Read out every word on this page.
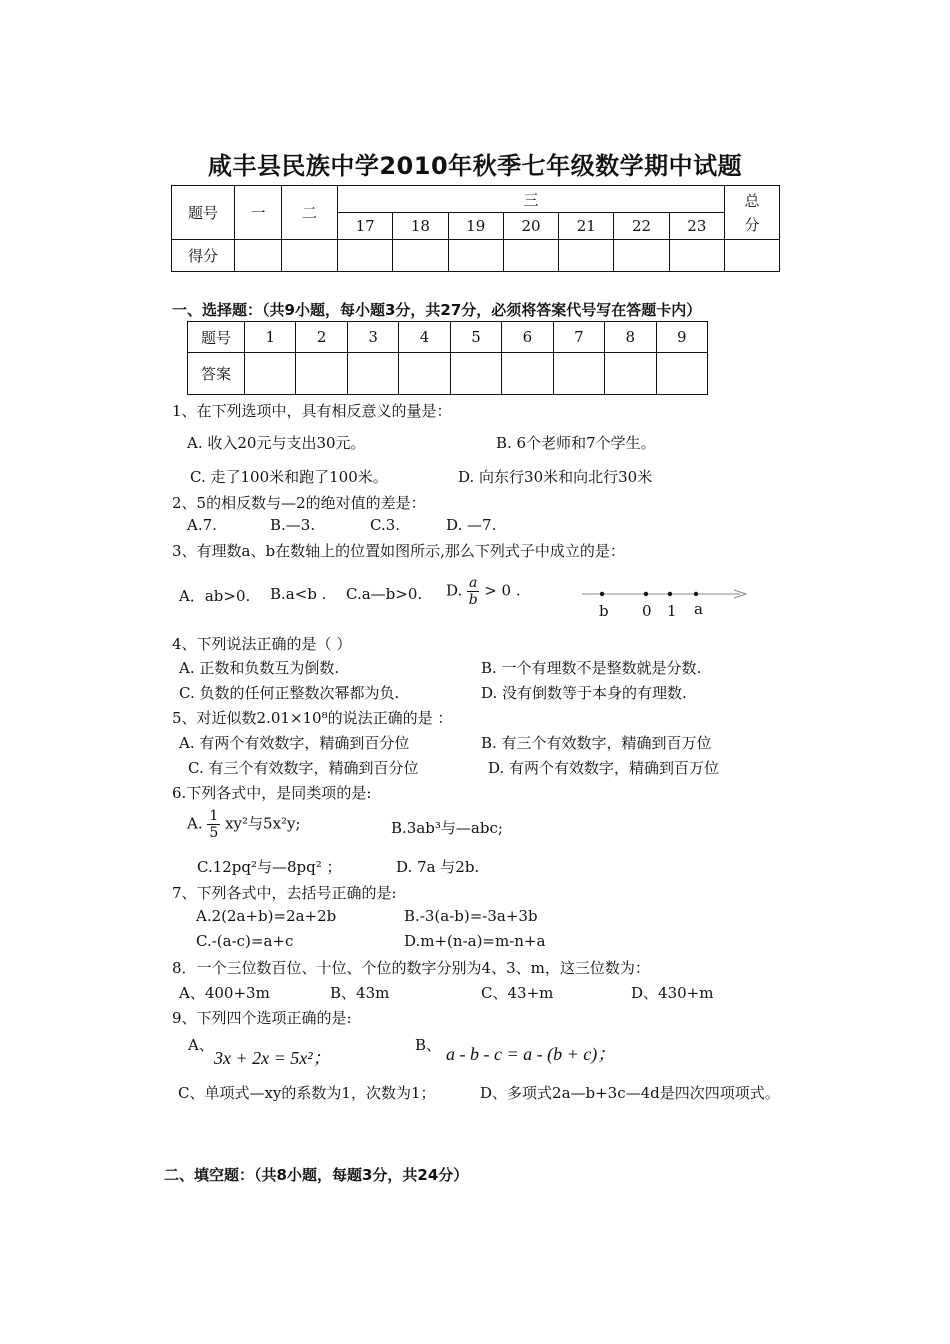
咸丰县民族中学2010年秋季七年级数学期中试题
题号	一	二	三							总
分
			17	18	19	20	21	22	23	
得分										
一、选择题：（共9小题，每小题3分，共27分，必须将答案代号写在答题卡内）
题号	1	2	3	4	5	6	7	8	9
答案									
1、在下列选项中，具有相反意义的量是：
A. 收入20元与支出30元。	B. 6个老师和7个学生。
C. 走了100米和跑了100米。	D. 向东行30米和向北行30米
2、5的相反数与—2的绝对值的差是：
A.7.	B.—3.	C.3.	D. —7.
3、有理数a、b在数轴上的位置如图所示,那么下列式子中成立的是：
A．ab>0. B.a<b . C.a—b>0. D. $\frac{a}{b} > 0$ .
b 0 1 a
4、下列说法正确的是（ ）
A. 正数和负数互为倒数.	B. 一个有理数不是整数就是分数.
C. 负数的任何正整数次幂都为负.	D. 没有倒数等于本身的有理数.
5、对近似数2.01×10⁸的说法正确的是 ：
A. 有两个有效数字，精确到百分位	B. 有三个有效数字，精确到百万位
C. 有三个有效数字，精确到百分位	D. 有两个有效数字，精确到百万位
6.下列各式中，是同类项的是:
A. $\frac{1}{5} xy^2$与5x²y;	B.3ab³与—abc;
C.12pq²与—8pq² ；	D. 7a 与2b.
7、下列各式中，去括号正确的是:
A.2(2a+b)=2a+2b	B.-3(a-b)=-3a+3b
C.-(a-c)=a+c	D.m+(n-a)=m-n+a
8．一个三位数百位、十位、个位的数字分别为4、3、m，这三位数为：
A、400+3m	B、43m	C、43+m	D、430+m
9、下列四个选项正确的是:
A、
3x + 2x = 5x²；
B、 a - b - c = a - (b + c)；
C、单项式—xy的系数为1，次数为1；	D、多项式2a—b+3c—4d是四次四项项式。
二、填空题：（共8小题，每题3分，共24分）
